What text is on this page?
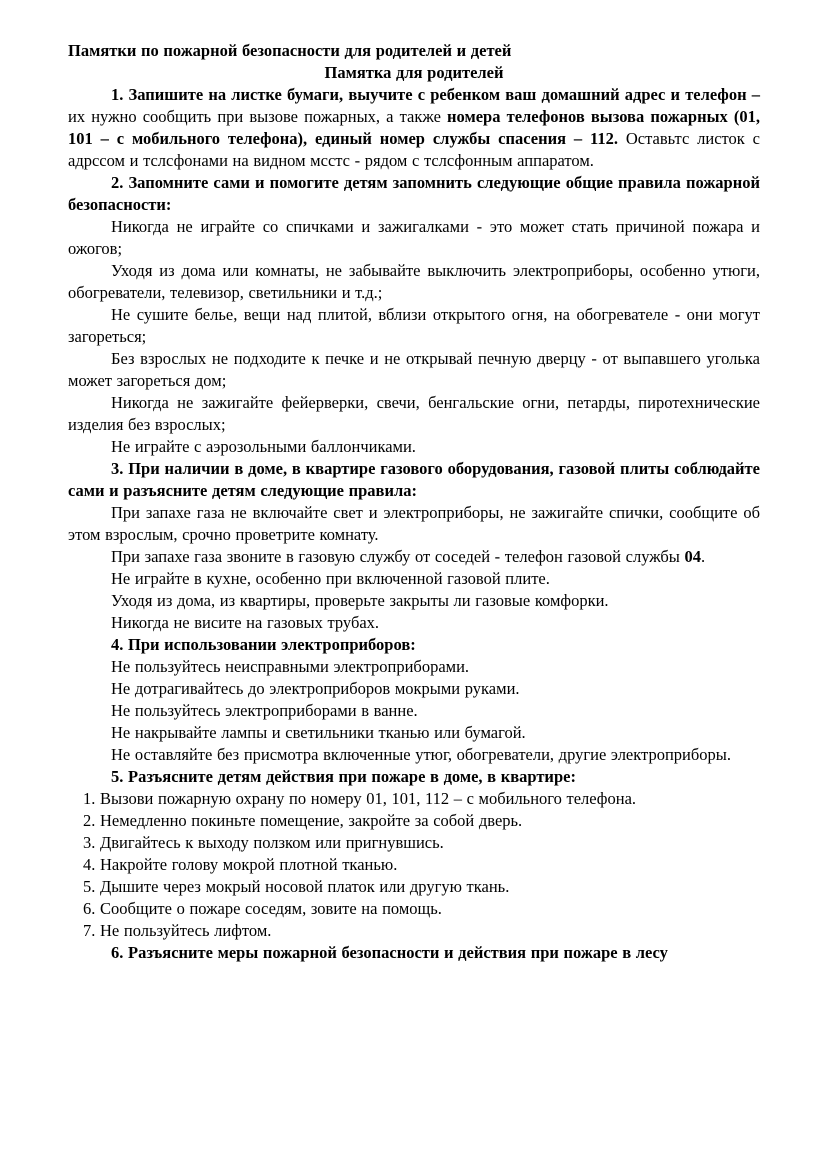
Памятки по пожарной безопасности для родителей и детей

Памятка для родителей

1. Запишите на листке бумаги, выучите с ребенком ваш домашний адрес и телефон – их нужно сообщить при вызове пожарных, а также номера телефонов вызова пожарных (01, 101 – с мобильного телефона), единый номер службы спасения – 112. Оставьтс листок с адрссом и тслсфонами на видном мсстс - рядом с тслсфонным аппаратом.

2. Запомните сами и помогите детям запомнить следующие общие правила пожарной безопасности:

Никогда не играйте со спичками и зажигалками - это может стать причиной пожара и ожогов;

Уходя из дома или комнаты, не забывайте выключить электроприборы, особенно утюги, обогреватели, телевизор, светильники и т.д.;

Не сушите белье, вещи над плитой, вблизи открытого огня, на обогревателе - они могут загореться;

Без взрослых не подходите к печке и не открывай печную дверцу - от выпавшего уголька может загореться дом;

Никогда не зажигайте фейерверки, свечи, бенгальские огни, петарды, пиротехнические изделия без взрослых;

Не играйте с аэрозольными баллончиками.

3. При наличии в доме, в квартире газового оборудования, газовой плиты соблюдайте сами и разъясните детям следующие правила:

При запахе газа не включайте свет и электроприборы, не зажигайте спички, сообщите об этом взрослым, срочно проветрите комнату.

При запахе газа звоните в газовую службу от соседей - телефон газовой службы 04.

Не играйте в кухне, особенно при включенной газовой плите.

Уходя из дома, из квартиры, проверьте закрыты ли газовые комфорки.

Никогда не висите на газовых трубах.

4. При использовании электроприборов:

Не пользуйтесь неисправными электроприборами.

Не дотрагивайтесь до электроприборов мокрыми руками.

Не пользуйтесь электроприборами в ванне.

Не накрывайте лампы и светильники тканью или бумагой.

Не оставляйте без присмотра включенные утюг, обогреватели, другие электроприборы.

5. Разъясните детям действия при пожаре в доме, в квартире:

1. Вызови пожарную охрану по номеру 01, 101, 112 – с мобильного телефона.

2. Немедленно покиньте помещение, закройте за собой дверь.

3. Двигайтесь к выходу ползком или пригнувшись.

4. Накройте голову мокрой плотной тканью.

5. Дышите через мокрый носовой платок или другую ткань.

6. Сообщите о пожаре соседям, зовите на помощь.

7. Не пользуйтесь лифтом.

6. Разъясните меры пожарной безопасности и действия при пожаре в лесу
